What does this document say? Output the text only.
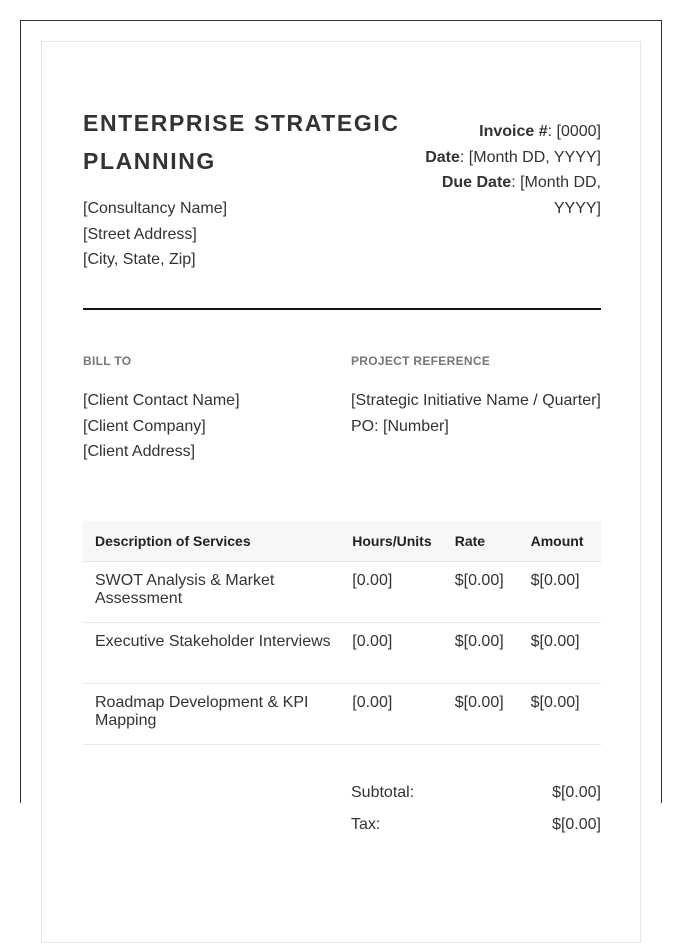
ENTERPRISE STRATEGIC PLANNING
[Consultancy Name]
[Street Address]
[City, State, Zip]
Invoice #: [0000]
Date: [Month DD, YYYY]
Due Date: [Month DD, YYYY]
BILL TO	PROJECT REFERENCE
[Client Contact Name]
[Client Company]
[Client Address]
[Strategic Initiative Name / Quarter]
PO: [Number]
Description of Services	Hours/Units	Rate	Amount
SWOT Analysis & Market Assessment	[0.00]	$[0.00]	$[0.00]
Executive Stakeholder Interviews	[0.00]	$[0.00]	$[0.00]
Roadmap Development & KPI Mapping	[0.00]	$[0.00]	$[0.00]
Subtotal:	$[0.00]
Tax:	$[0.00]
